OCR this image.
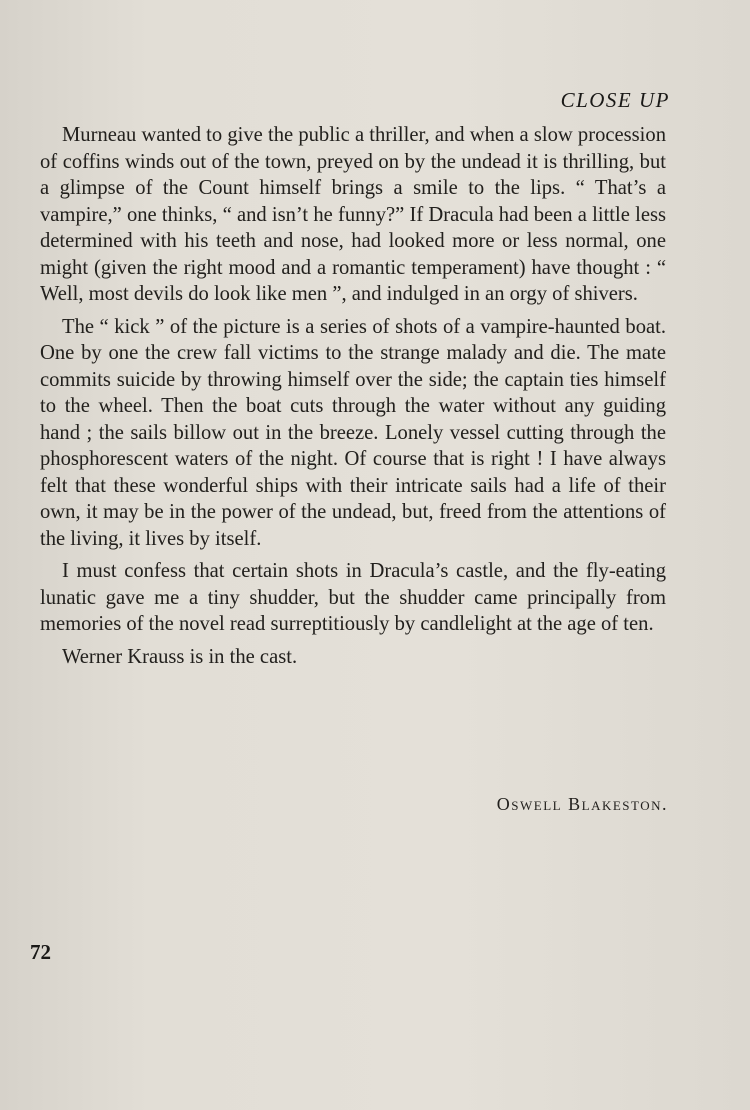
CLOSE UP

Murneau wanted to give the public a thriller, and when a slow procession of coffins winds out of the town, preyed on by the undead it is thrilling, but a glimpse of the Count himself brings a smile to the lips. “ That’s a vampire,” one thinks, “ and isn’t he funny?” If Dracula had been a little less determined with his teeth and nose, had looked more or less normal, one might (given the right mood and a romantic temperament) have thought : “ Well, most devils do look like men ”, and indulged in an orgy of shivers.

The “ kick ” of the picture is a series of shots of a vampire-haunted boat. One by one the crew fall victims to the strange malady and die. The mate commits suicide by throwing himself over the side; the captain ties himself to the wheel. Then the boat cuts through the water without any guiding hand ; the sails billow out in the breeze. Lonely vessel cutting through the phosphorescent waters of the night. Of course that is right ! I have always felt that these wonderful ships with their intricate sails had a life of their own, it may be in the power of the undead, but, freed from the attentions of the living, it lives by itself.

I must confess that certain shots in Dracula’s castle, and the fly-eating lunatic gave me a tiny shudder, but the shudder came principally from memories of the novel read surreptitiously by candlelight at the age of ten.

Werner Krauss is in the cast.

Oswell Blakeston.
72
